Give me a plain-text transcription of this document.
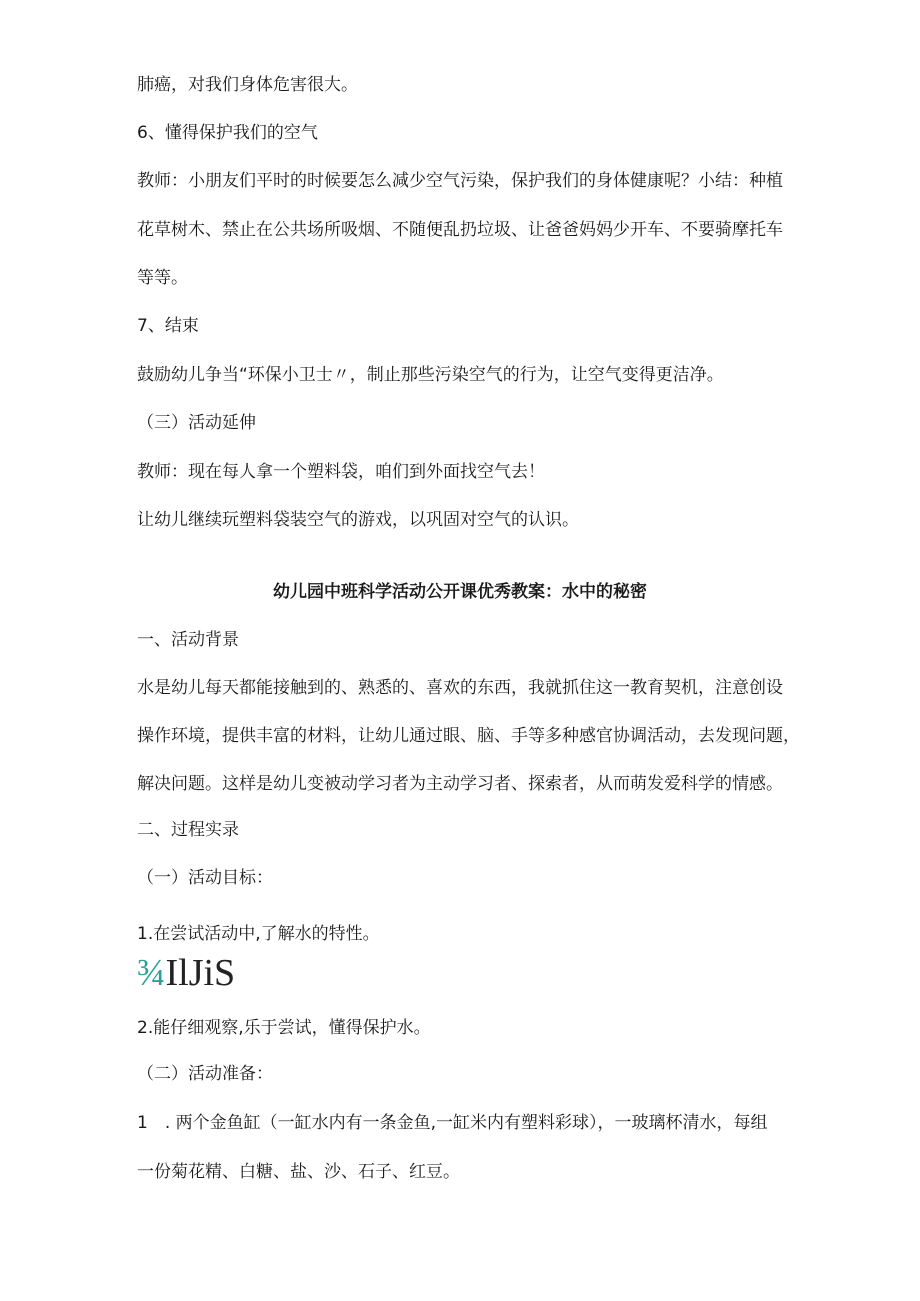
肺癌，对我们身体危害很大。
6、懂得保护我们的空气
教师：小朋友们平时的时候要怎么减少空气污染，保护我们的身体健康呢？小结：种植
花草树木、禁止在公共场所吸烟、不随便乱扔垃圾、让爸爸妈妈少开车、不要骑摩托车
等等。
7、结束
鼓励幼儿争当“环保小卫士〃，制止那些污染空气的行为，让空气变得更洁净。
（三）活动延伸
教师：现在每人拿一个塑料袋，咱们到外面找空气去！
让幼儿继续玩塑料袋装空气的游戏，以巩固对空气的认识。
幼儿园中班科学活动公开课优秀教案：水中的秘密
一、活动背景
水是幼儿每天都能接触到的、熟悉的、喜欢的东西，我就抓住这一教育契机，注意创设
操作环境，提供丰富的材料，让幼儿通过眼、脑、手等多种感官协调活动，去发现问题，
解决问题。这样是幼儿变被动学习者为主动学习者、探索者，从而萌发爱科学的情感。
二、过程实录
（一）活动目标：
1.在尝试活动中,了解水的特性。
¾IlJiS
2.能仔细观察,乐于尝试，懂得保护水。
（二）活动准备：
1　. 两个金鱼缸（一缸水内有一条金鱼,一缸米内有塑料彩球），一玻璃杯清水，每组
一份菊花精、白糖、盐、沙、石子、红豆。
